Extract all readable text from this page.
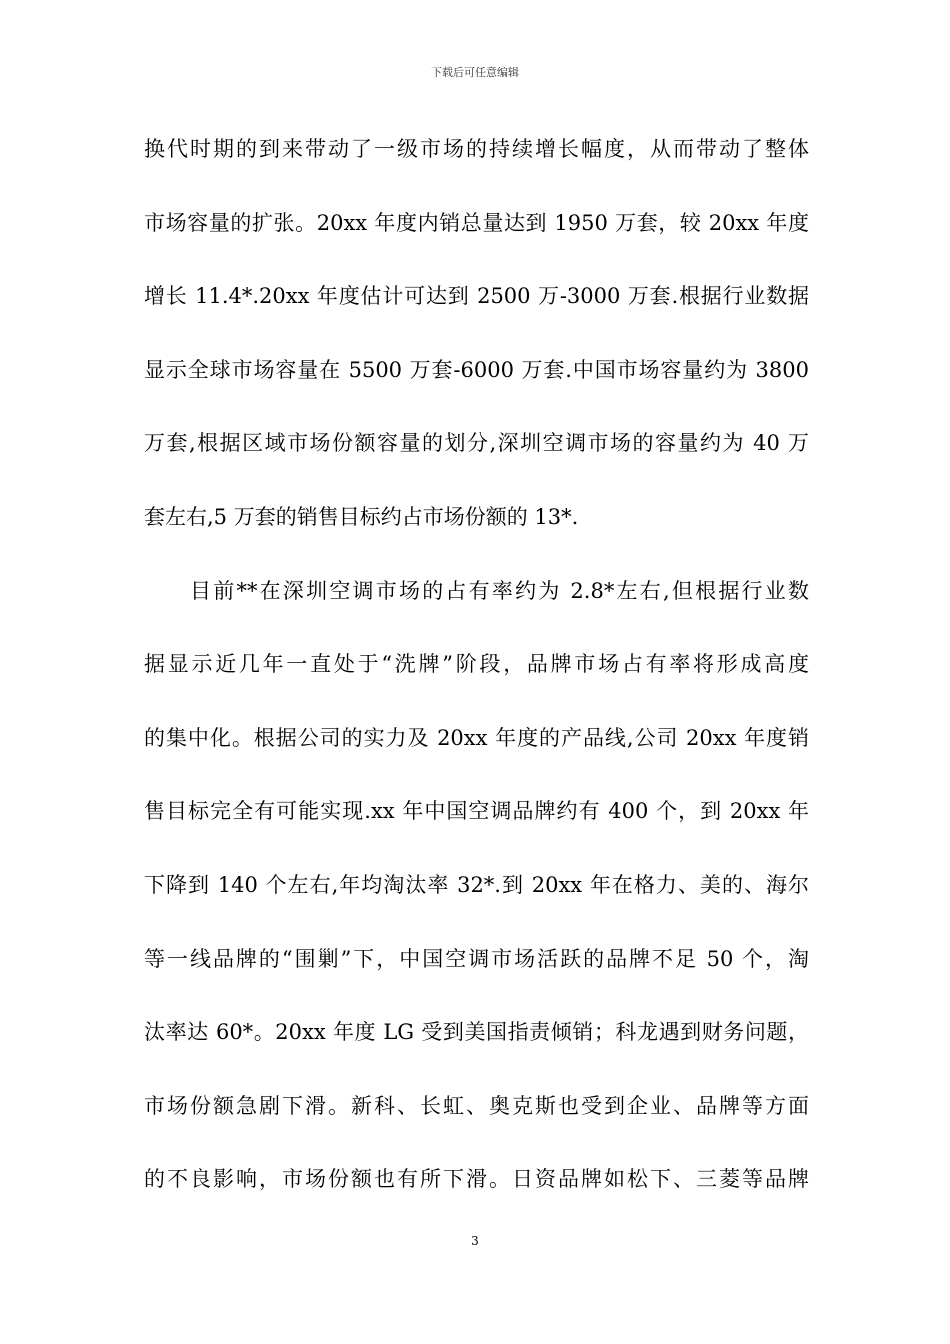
下载后可任意编辑
换代时期的到来带动了一级市场的持续增长幅度，从而带动了整体
市场容量的扩张。20xx 年度内销总量达到 1950 万套，较 20xx 年度
增长 11.4*.20xx 年度估计可达到 2500 万-3000 万套.根据行业数据
显示全球市场容量在 5500 万套-6000 万套.中国市场容量约为 3800
万套,根据区域市场份额容量的划分,深圳空调市场的容量约为 40 万
套左右,5 万套的销售目标约占市场份额的 13*.
目前**在深圳空调市场的占有率约为 2.8*左右,但根据行业数
据显示近几年一直处于“洗牌”阶段，品牌市场占有率将形成高度
的集中化。根据公司的实力及 20xx 年度的产品线,公司 20xx 年度销
售目标完全有可能实现.xx 年中国空调品牌约有 400 个，到 20xx 年
下降到 140 个左右,年均淘汰率 32*.到 20xx 年在格力、美的、海尔
等一线品牌的“围剿”下，中国空调市场活跃的品牌不足 50 个，淘
汰率达 60*。20xx 年度 LG 受到美国指责倾销；科龙遇到财务问题，
市场份额急剧下滑。新科、长虹、奥克斯也受到企业、品牌等方面
的不良影响，市场份额也有所下滑。日资品牌如松下、三菱等品牌
3
